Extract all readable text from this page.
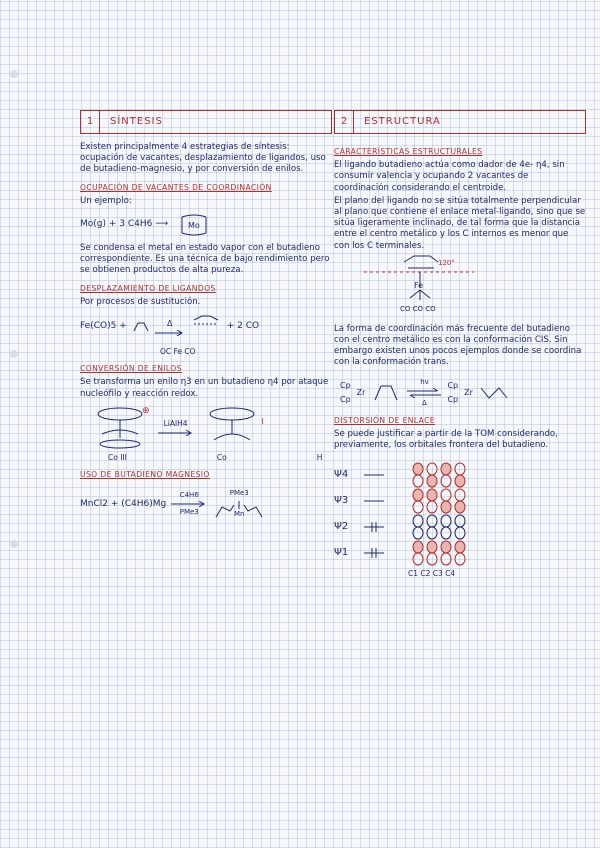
1	SÍNTESIS

Existen principalmente 4 estrategias de síntesis: ocupación de vacantes, desplazamiento de ligandos, uso de butadieno-magnesio, y por conversión de enilos.

OCUPACIÓN DE VACANTES DE COORDINACIÓN

Un ejemplo:

Mo(g) + 3 C4H6 ⟶	Mo

Se condensa el metal en estado vapor con el butadieno correspondiente. Es una técnica de bajo rendimiento pero se obtienen productos de alta pureza.

DESPLAZAMIENTO DE LIGANDOS

Por procesos de sustitución.

Fe(CO)5 +	Δ	+ 2 CO

OC Fe CO

CONVERSIÓN DE ENILOS

Se transforma un enilo η3 en un butadieno η4 por ataque nucleófilo y reacción redox.

⊕
LiAlH4	I
Co III	Co	H
USO DE BUTADIENO MAGNESIO
MnCl2 + (C4H6)Mg
C4H6
PMe3
PMe3
Mn
2	ESTRUCTURA
CARACTERÍSTICAS ESTRUCTURALES

El ligando butadieno actúa como dador de 4e- η4, sin consumir valencia y ocupando 2 vacantes de coordinación considerando el centroide.

El plano del ligando no se sitúa totalmente perpendicular al plano que contiene el enlace metal-ligando, sino que se sitúa ligeramente inclinado, de tal forma que la distancia entre el centro metálico y los C internos es menor que con los C terminales.

120°
Fe
CO CO CO

La forma de coordinación más frecuente del butadieno con el centro metálico es con la conformación CIS. Sin embargo existen unos pocos ejemplos donde se coordina con la conformación trans.

Cp
Cp
Zr
hν
Δ
Cp
Cp
Zr
DISTORSIÓN DE ENLACE

Se puede justificar a partir de la TOM considerando, previamente, los orbitales frontera del butadieno.

Ψ4
Ψ3
Ψ2
Ψ1
C1 C2 C3 C4
